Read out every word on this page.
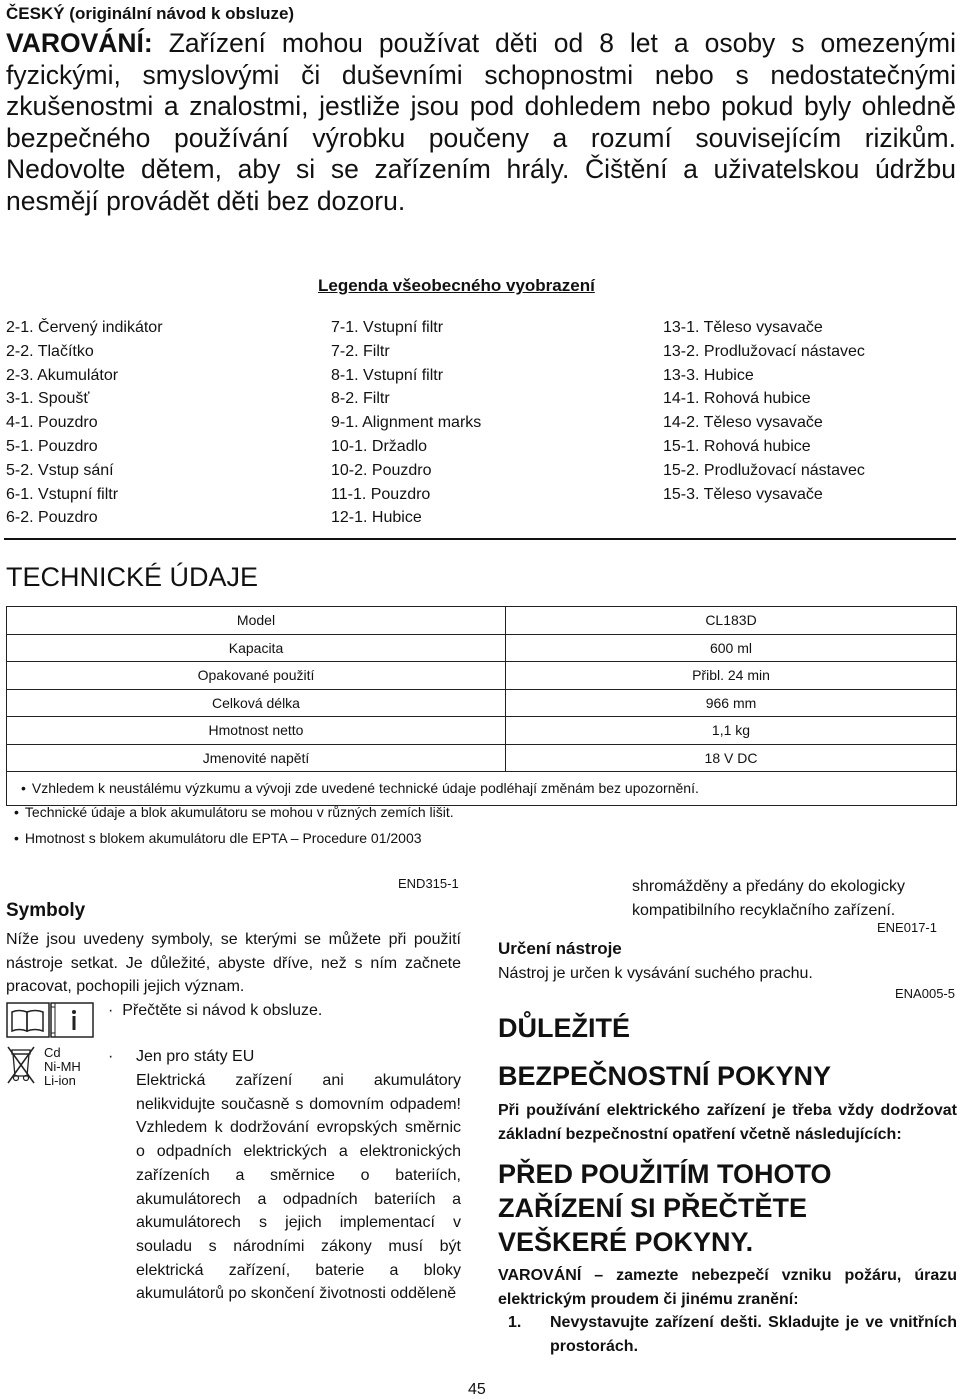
ČESKÝ (originální návod k obsluze)
VAROVÁNÍ: Zařízení mohou používat děti od 8 let a osoby s omezenými fyzickými, smyslovými či duševními schopnostmi nebo s nedostatečnými zkušenostmi a znalostmi, jestliže jsou pod dohledem nebo pokud byly ohledně bezpečného používání výrobku poučeny a rozumí souvisejícím rizikům. Nedovolte dětem, aby si se zařízením hrály. Čištění a uživatelskou údržbu nesmějí provádět děti bez dozoru.
Legenda všeobecného vyobrazení
2-1. Červený indikátor
2-2. Tlačítko
2-3. Akumulátor
3-1. Spoušť
4-1. Pouzdro
5-1. Pouzdro
5-2. Vstup sání
6-1. Vstupní filtr
6-2. Pouzdro
7-1. Vstupní filtr
7-2. Filtr
8-1. Vstupní filtr
8-2. Filtr
9-1. Alignment marks
10-1. Držadlo
10-2. Pouzdro
11-1. Pouzdro
12-1. Hubice
13-1. Těleso vysavače
13-2. Prodlužovací nástavec
13-3. Hubice
14-1. Rohová hubice
14-2. Těleso vysavače
15-1. Rohová hubice
15-2. Prodlužovací nástavec
15-3. Těleso vysavače
TECHNICKÉ ÚDAJE
Model	CL183D
Kapacita	600 ml
Opakované použití	Přibl. 24 min
Celková délka	966 mm
Hmotnost netto	1,1 kg
Jmenovité napětí	18 V DC

• Vzhledem k neustálému výzkumu a vývoji zde uvedené technické údaje podléhají změnám bez upozornění.
• Technické údaje a blok akumulátoru se mohou v různých zemích lišit.
• Hmotnost s blokem akumulátoru dle EPTA – Procedure 01/2003
END315-1
Symboly
Níže jsou uvedeny symboly, se kterými se můžete při použití nástroje setkat. Je důležité, abyste dříve, než s ním začnete pracovat, pochopili jejich význam.
·  Přečtěte si návod k obsluze.
Cd
Ni-MH
Li-ion
· Jen pro státy EU
Elektrická zařízení ani akumulátory nelikvidujte současně s domovním odpadem! Vzhledem k dodržování evropských směrnic o odpadních elektrických a elektronických zařízeních a směrnice o bateriích, akumulátorech a odpadních bateriích a akumulátorech s jejich implementací v souladu s národními zákony musí být elektrická zařízení, baterie a bloky akumulátorů po skončení životnosti odděleně
shromážděny a předány do ekologicky kompatibilního recyklačního zařízení.
ENE017-1
Určení nástroje
Nástroj je určen k vysávání suchého prachu.
ENA005-5
DŮLEŽITÉ
BEZPEČNOSTNÍ POKYNY
Při používání elektrického zařízení je třeba vždy dodržovat základní bezpečnostní opatření včetně následujících:
PŘED POUŽITÍM TOHOTO ZAŘÍZENÍ SI PŘEČTĚTE VEŠKERÉ POKYNY.
VAROVÁNÍ – zamezte nebezpečí vzniku požáru, úrazu elektrickým proudem či jinému zranění:
1. Nevystavujte zařízení dešti. Skladujte je ve vnitřních prostorách.
45
